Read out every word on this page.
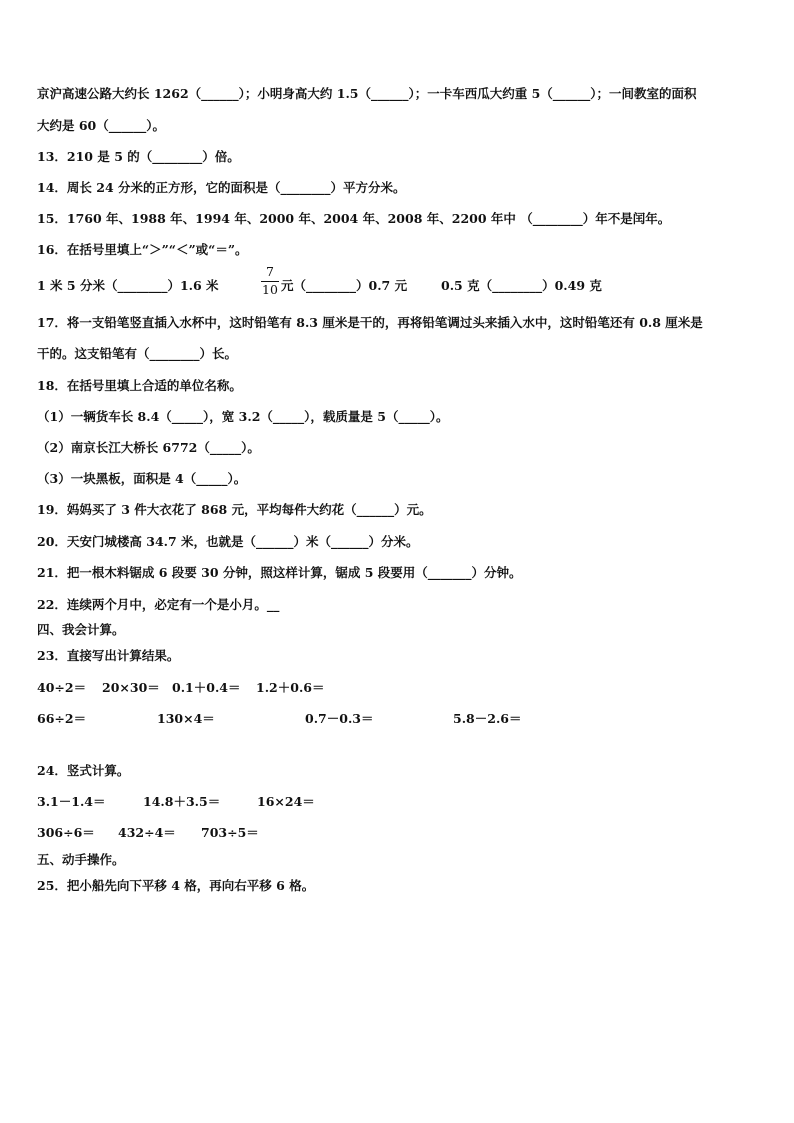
京沪高速公路大约长 1262（______）；小明身高大约 1.5（______）；一卡车西瓜大约重 5（______）；一间教室的面积
大约是 60（______）。
13．210 是 5 的（________）倍。
14．周长 24 分米的正方形，它的面积是（________）平方分米。
15．1760 年、1988 年、1994 年、2000 年、2004 年、2008 年、2200 年中 （________）年不是闰年。
16．在括号里填上“＞”“＜”或“＝”。
1 米 5 分米（________）1.6 米
7
10 元（________）0.7 元	0.5 克（________）0.49 克
17．将一支铅笔竖直插入水杯中，这时铅笔有 8.3 厘米是干的，再将铅笔调过头来插入水中，这时铅笔还有 0.8 厘米是
干的。这支铅笔有（________）长。
18．在括号里填上合适的单位名称。
（1）一辆货车长 8.4（_____），宽 3.2（_____），载质量是 5（_____）。
（2）南京长江大桥长 6772（_____）。
（3）一块黑板，面积是 4（_____）。
19．妈妈买了 3 件大衣花了 868 元，平均每件大约花（______）元。
20．天安门城楼高 34.7 米，也就是（______）米（______）分米。
21．把一根木料锯成 6 段要 30 分钟，照这样计算，锯成 5 段要用（_______）分钟。
22．连续两个月中，必定有一个是小月。__
四、我会计算。
23．直接写出计算结果。
40÷2＝ 20×30＝ 0.1＋0.4＝ 1.2＋0.6＝
66÷2＝	130×4＝	0.7－0.3＝	5.8－2.6＝
24．竖式计算。
3.1－1.4＝	14.8＋3.5＝	16×24＝
306÷6＝ 432÷4＝ 703÷5＝
五、动手操作。
25．把小船先向下平移 4 格，再向右平移 6 格。
